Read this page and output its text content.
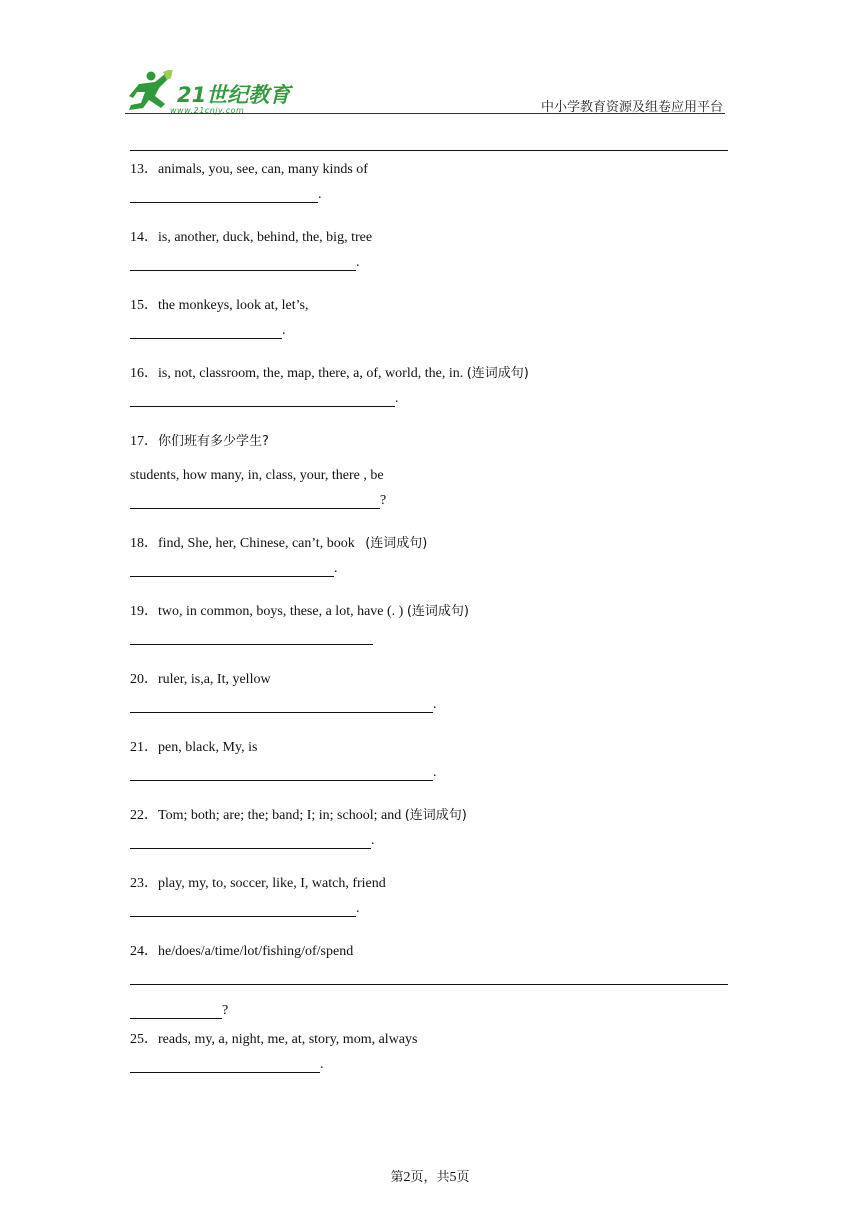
21世纪教育
www.21cnjy.com	中小学教育资源及组卷应用平台
13．animals, you, see, can, many kinds of
.
14．is, another, duck, behind, the, big, tree
.
15．the monkeys, look at, let’s,
.
16．is, not, classroom, the, map, there, a, of, world, the, in. (连词成句)
.
17．你们班有多少学生?
students, how many, in, class, your, there , be
?
18．find, She, her, Chinese, can’t, book   (连词成句)
.
19．two, in common, boys, these, a lot, have (. ) (连词成句)
20．ruler, is,a, It, yellow
.
21．pen, black, My, is
.
22．Tom; both; are; the; band; I; in; school; and (连词成句)
.
23．play, my, to, soccer, like, I, watch, friend
.
24．he/does/a/time/lot/fishing/of/spend
?
25．reads, my, a, night, me, at, story, mom, always
.
第2页，共5页
